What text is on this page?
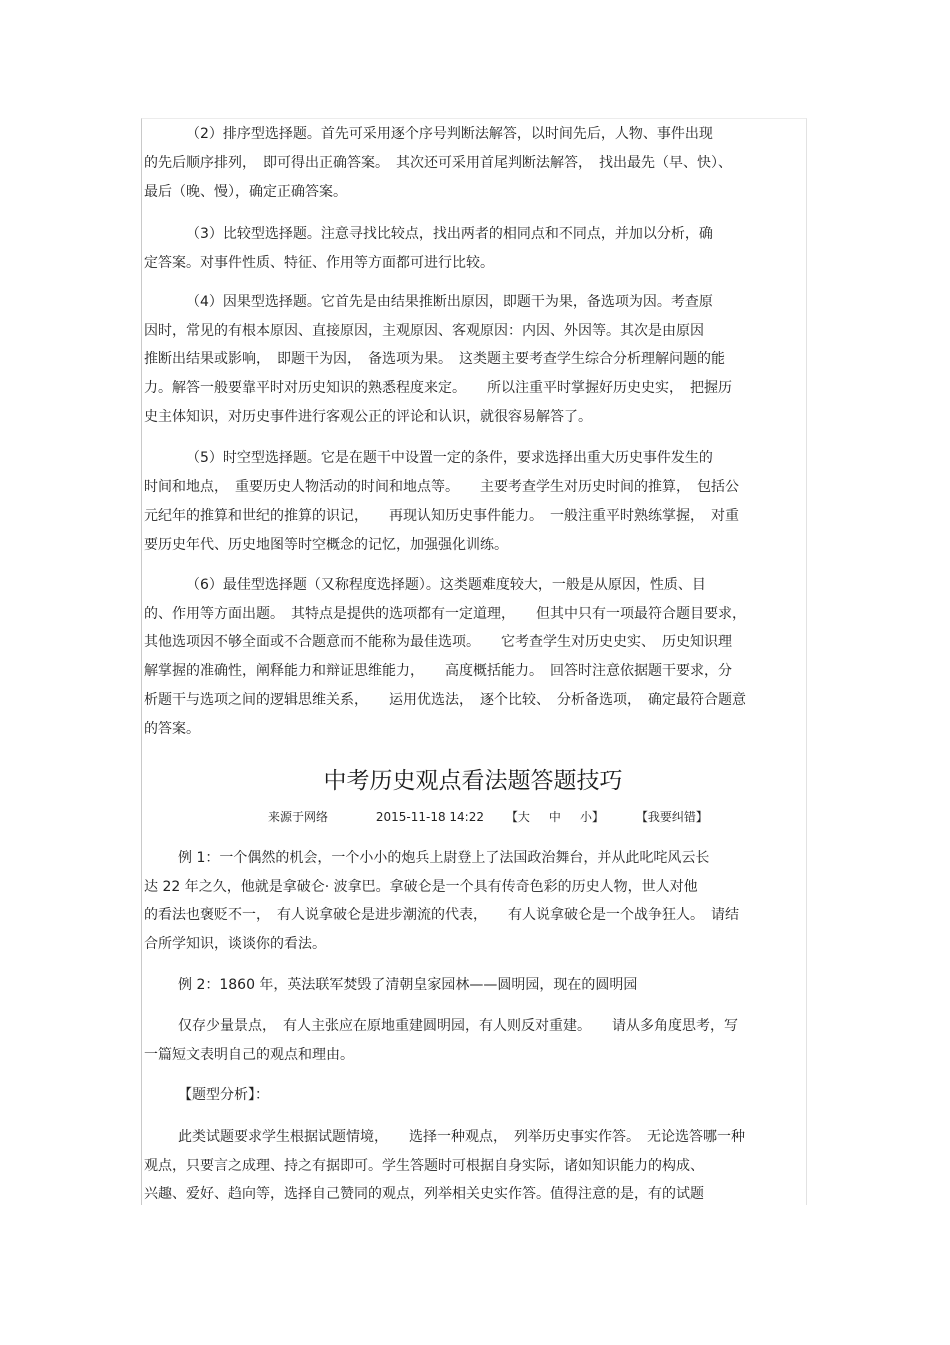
（2）排序型选择题。首先可采用逐个序号判断法解答，以时间先后，人物、事件出现
的先后顺序排列，　即可得出正确答案。　其次还可采用首尾判断法解答，　找出最先（早、快）、
最后（晚、慢），确定正确答案。
（3）比较型选择题。注意寻找比较点，找出两者的相同点和不同点，并加以分析，确
定答案。对事件性质、特征、作用等方面都可进行比较。
（4）因果型选择题。它首先是由结果推断出原因，即题干为果，备选项为因。考查原
因时，常见的有根本原因、直接原因，主观原因、客观原因：内因、外因等。其次是由原因
推断出结果或影响，　即题干为因，　备选项为果。　这类题主要考查学生综合分析理解问题的能
力。解答一般要靠平时对历史知识的熟悉程度来定。　　所以注重平时掌握好历史史实，　把握历
史主体知识，对历史事件进行客观公正的评论和认识，就很容易解答了。
（5）时空型选择题。它是在题干中设置一定的条件，要求选择出重大历史事件发生的
时间和地点，　重要历史人物活动的时间和地点等。　　主要考查学生对历史时间的推算，　包括公
元纪年的推算和世纪的推算的识记，　　再现认知历史事件能力。　一般注重平时熟练掌握，　对重
要历史年代、历史地图等时空概念的记忆，加强强化训练。
（6）最佳型选择题（又称程度选择题）。这类题难度较大，一般是从原因，性质、目
的、作用等方面出题。　其特点是提供的选项都有一定道理，　　但其中只有一项最符合题目要求，
其他选项因不够全面或不合题意而不能称为最佳选项。　　它考查学生对历史史实、　历史知识理
解掌握的准确性，阐释能力和辩证思维能力，　　高度概括能力。　回答时注意依据题干要求，分
析题干与选项之间的逻辑思维关系，　　运用优选法，　逐个比较、　分析备选项，　确定最符合题意
的答案。
中考历史观点看法题答题技巧
来源于网络	2015-11-18 14:22 【大 中 小】	【我要纠错】
例 1：一个偶然的机会，一个小小的炮兵上尉登上了法国政治舞台，并从此叱咤风云长
达 22 年之久，他就是拿破仑· 波拿巴。拿破仑是一个具有传奇色彩的历史人物，世人对他
的看法也褒贬不一，　有人说拿破仑是进步潮流的代表，　　有人说拿破仑是一个战争狂人。　请结
合所学知识，谈谈你的看法。
例 2：1860 年，英法联军焚毁了清朝皇家园林——圆明园，现在的圆明园
仅存少量景点，　有人主张应在原地重建圆明园，有人则反对重建。　　请从多角度思考，写
一篇短文表明自己的观点和理由。
【题型分析】：
此类试题要求学生根据试题情境，　　选择一种观点，　列举历史事实作答。　无论选答哪一种
观点，只要言之成理、持之有据即可。学生答题时可根据自身实际，诸如知识能力的构成、
兴趣、爱好、趋向等，选择自己赞同的观点，列举相关史实作答。值得注意的是，有的试题
